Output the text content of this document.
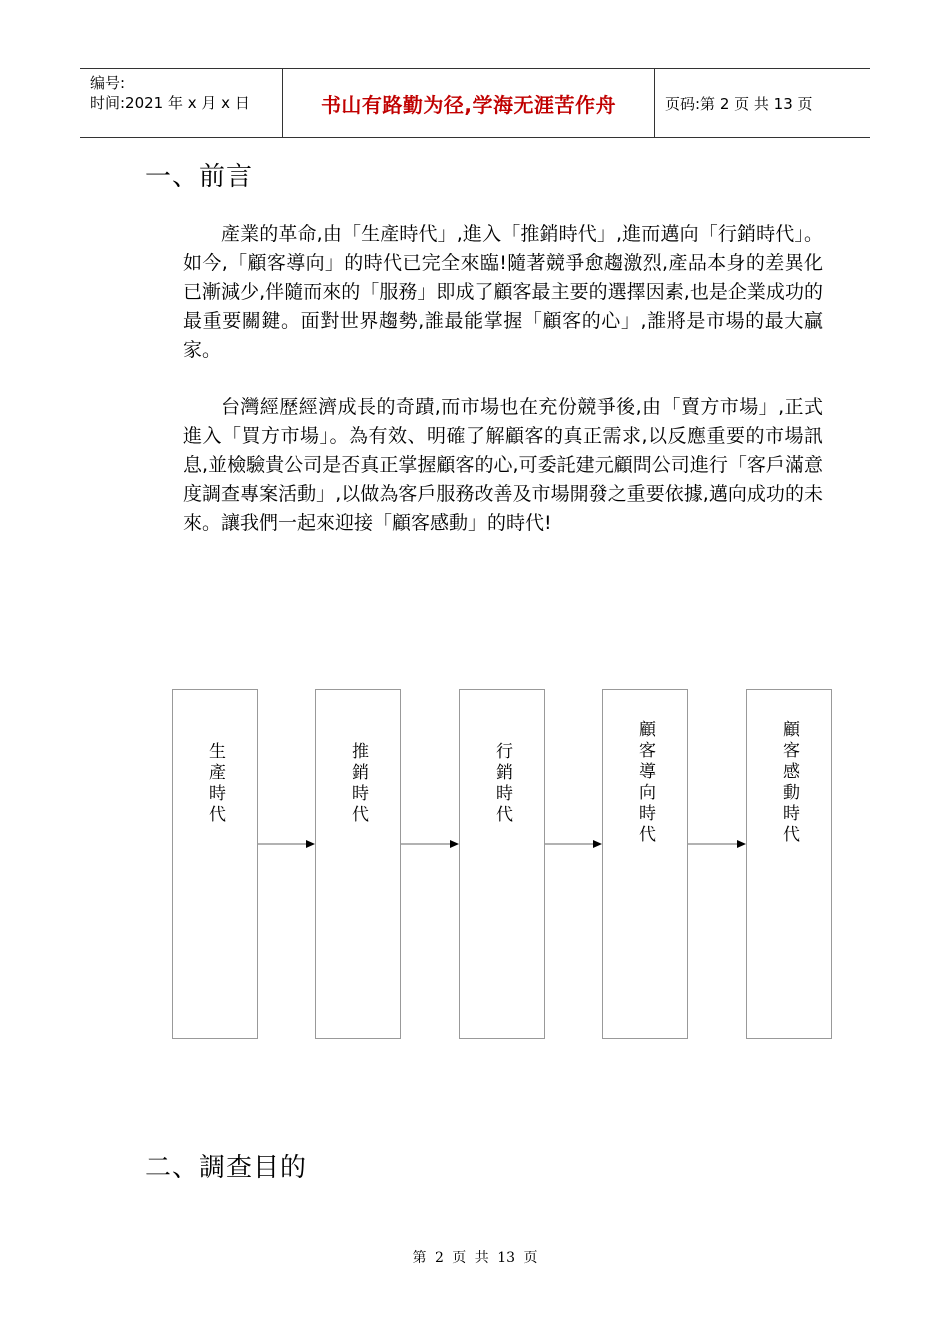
编号:
时间:2021 年 x 月 x 日	书山有路勤为径,学海无涯苦作舟	页码:第 2 页 共 13 页
一、前言

產業的革命,由「生產時代」,進入「推銷時代」,進而邁向「行銷時代」。如今,「顧客導向」的時代已完全來臨!隨著競爭愈趨激烈,產品本身的差異化已漸減少,伴隨而來的「服務」即成了顧客最主要的選擇因素,也是企業成功的最重要關鍵。面對世界趨勢,誰最能掌握「顧客的心」,誰將是市場的最大贏家。

台灣經歷經濟成長的奇蹟,而市場也在充份競爭後,由「賣方市場」,正式進入「買方市場」。為有效、明確了解顧客的真正需求,以反應重要的市場訊息,並檢驗貴公司是否真正掌握顧客的心,可委託建元顧問公司進行「客戶滿意度調查專案活動」,以做為客戶服務改善及市場開發之重要依據,邁向成功的未來。讓我們一起來迎接「顧客感動」的時代!

生產時代	推銷時代	行銷時代	顧客導向時代	顧客感動時代
二、調查目的
第 2 页 共 13 页
